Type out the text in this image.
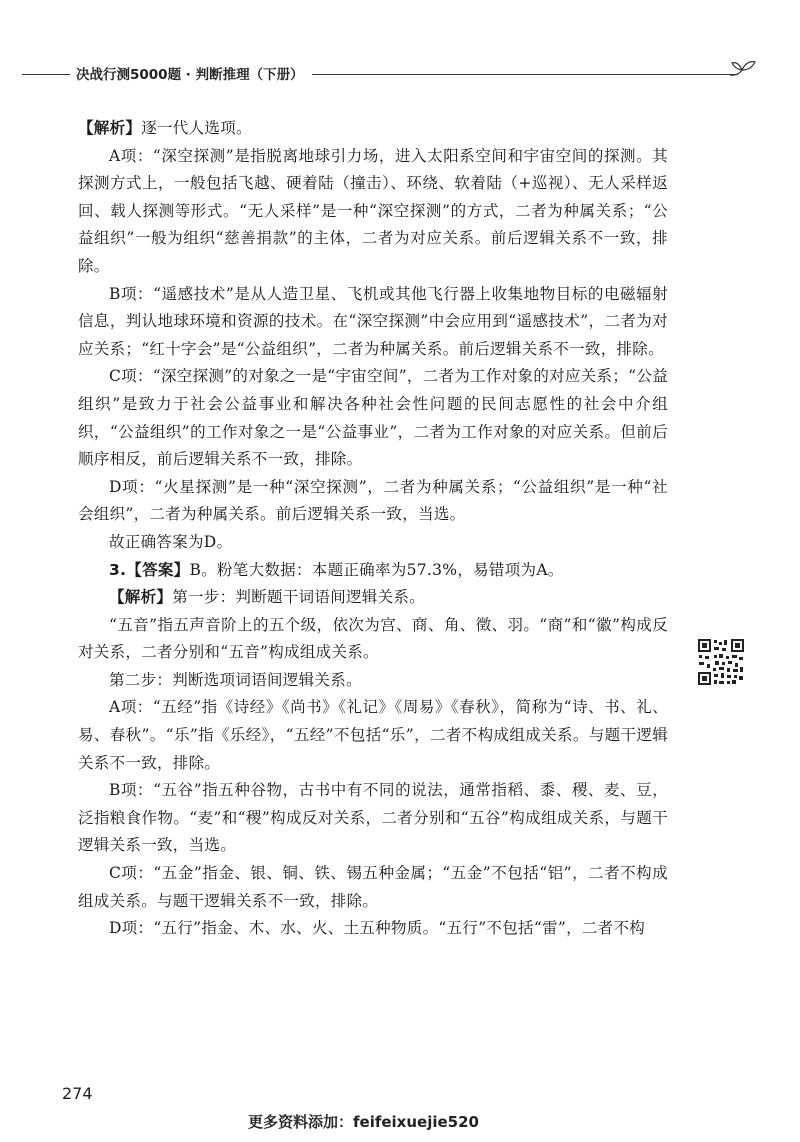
决战行测5000题 · 判断推理（下册）

【解析】逐一代人选项。

A项：“深空探测”是指脱离地球引力场，进入太阳系空间和宇宙空间的探测。其探测方式上，一般包括飞越、硬着陆（撞击）、环绕、软着陆（+巡视）、无人采样返回、载人探测等形式。“无人采样”是一种“深空探测”的方式，二者为种属关系；“公益组织”一般为组织“慈善捐款”的主体，二者为对应关系。前后逻辑关系不一致，排除。

B项：“遥感技术”是从人造卫星、飞机或其他飞行器上收集地物目标的电磁辐射信息，判认地球环境和资源的技术。在“深空探测”中会应用到“遥感技术”，二者为对应关系；“红十字会”是“公益组织”，二者为种属关系。前后逻辑关系不一致，排除。

C项：“深空探测”的对象之一是“宇宙空间”，二者为工作对象的对应关系；“公益组织”是致力于社会公益事业和解决各种社会性问题的民间志愿性的社会中介组织，“公益组织”的工作对象之一是“公益事业”，二者为工作对象的对应关系。但前后顺序相反，前后逻辑关系不一致，排除。

D项：“火星探测”是一种“深空探测”，二者为种属关系；“公益组织”是一种“社会组织”，二者为种属关系。前后逻辑关系一致，当选。

故正确答案为D。

3.【答案】B。粉笔大数据：本题正确率为57.3%，易错项为A。

【解析】第一步：判断题干词语间逻辑关系。

“五音”指五声音阶上的五个级，依次为宫、商、角、徵、羽。“商”和“徽”构成反对关系，二者分别和“五音”构成组成关系。

第二步：判断选项词语间逻辑关系。

A项：“五经”指《诗经》《尚书》《礼记》《周易》《春秋》，简称为“诗、书、礼、易、春秋”。“乐”指《乐经》，“五经”不包括“乐”，二者不构成组成关系。与题干逻辑关系不一致，排除。

B项：“五谷”指五种谷物，古书中有不同的说法，通常指稻、黍、稷、麦、豆，泛指粮食作物。“麦”和“稷”构成反对关系，二者分别和“五谷”构成组成关系，与题干逻辑关系一致，当选。

C项：“五金”指金、银、铜、铁、锡五种金属；“五金”不包括“铝”，二者不构成组成关系。与题干逻辑关系不一致，排除。

D项：“五行”指金、木、水、火、土五种物质。“五行”不包括“雷”，二者不构

274
更多资料添加：feifeixuejie520
